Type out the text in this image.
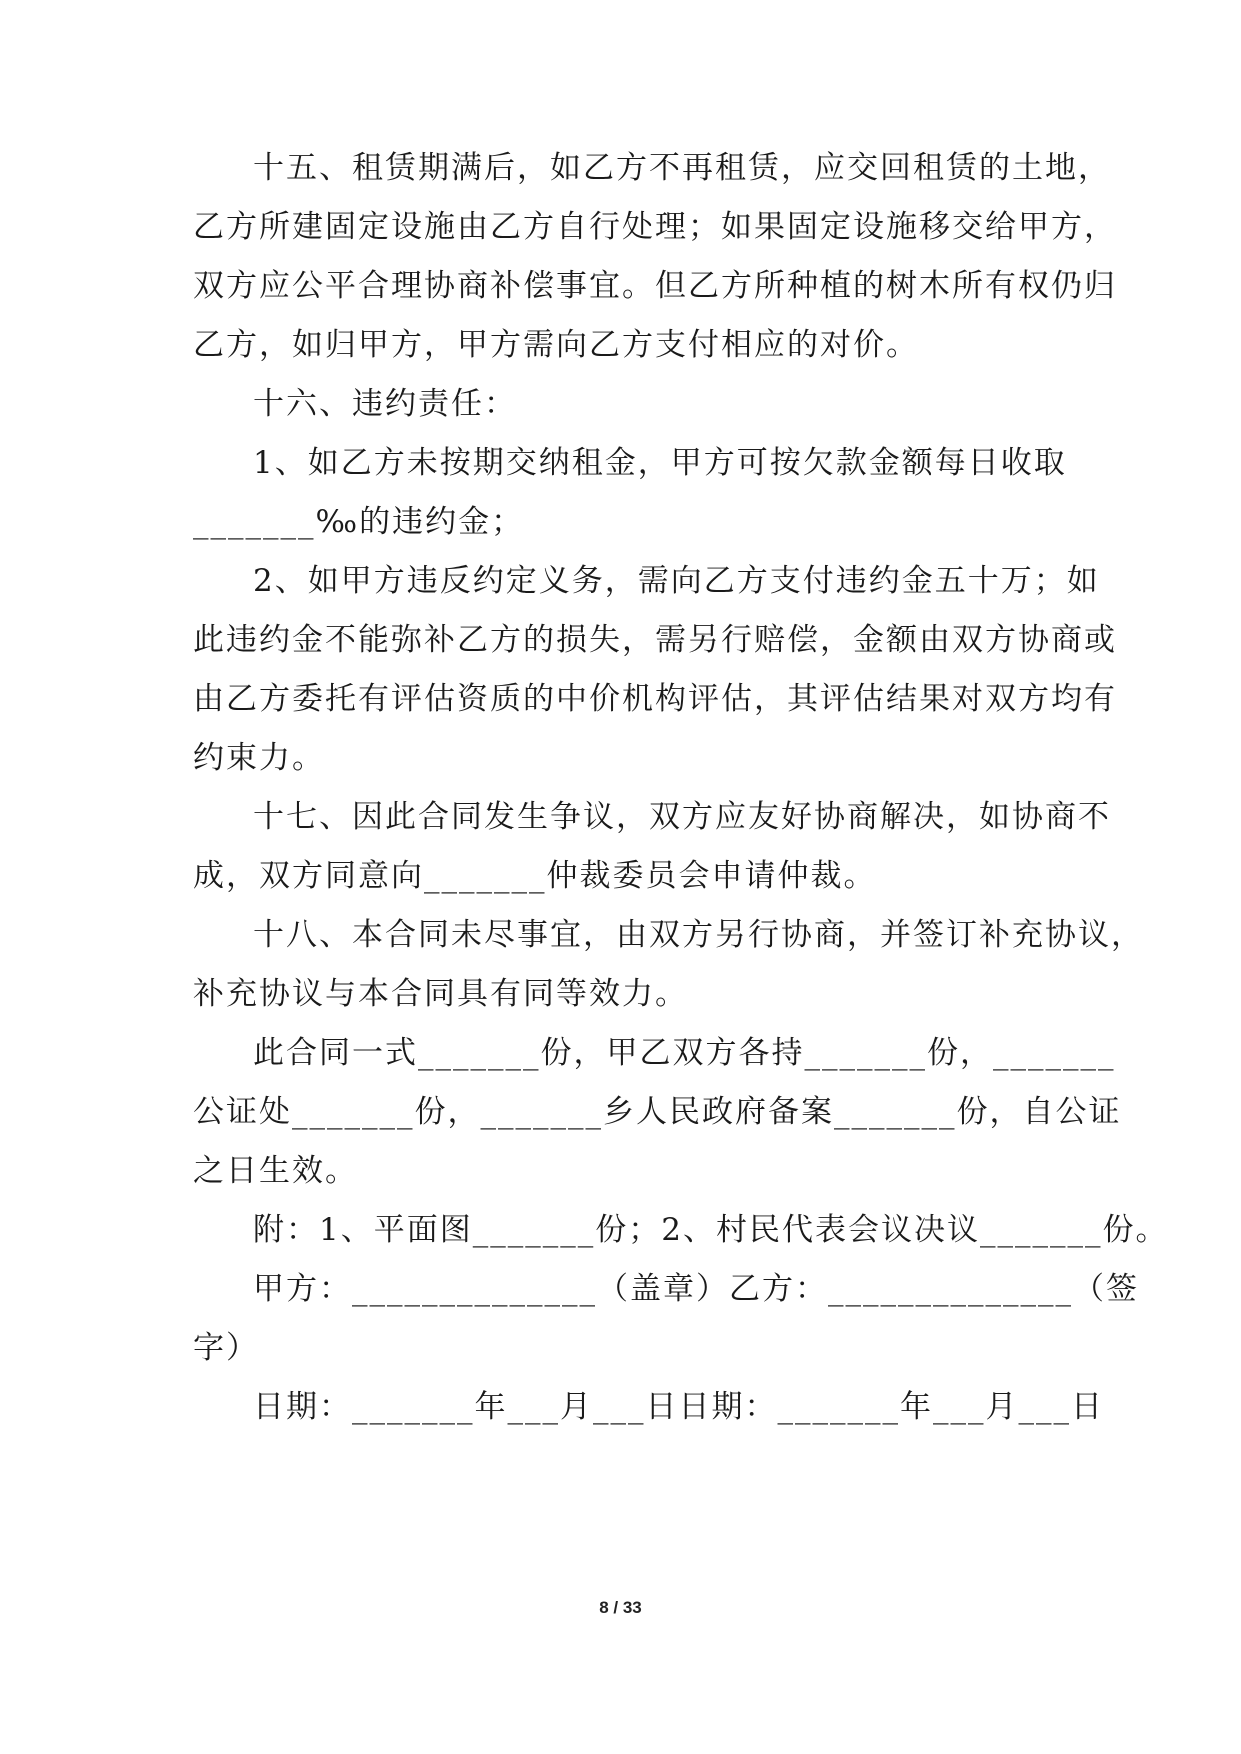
十五、租赁期满后，如乙方不再租赁，应交回租赁的土地，
乙方所建固定设施由乙方自行处理；如果固定设施移交给甲方，
双方应公平合理协商补偿事宜。但乙方所种植的树木所有权仍归
乙方，如归甲方，甲方需向乙方支付相应的对价。
十六、违约责任：
1、如乙方未按期交纳租金，甲方可按欠款金额每日收取
_______‰的违约金；
2、如甲方违反约定义务，需向乙方支付违约金五十万；如
此违约金不能弥补乙方的损失，需另行赔偿，金额由双方协商或
由乙方委托有评估资质的中价机构评估，其评估结果对双方均有
约束力。
十七、因此合同发生争议，双方应友好协商解决，如协商不
成，双方同意向_______仲裁委员会申请仲裁。
十八、本合同未尽事宜，由双方另行协商，并签订补充协议，
补充协议与本合同具有同等效力。
此合同一式_______份，甲乙双方各持_______份，_______
公证处_______份，_______乡人民政府备案_______份，自公证
之日生效。
附：1、平面图_______份；2、村民代表会议决议_______份。
甲方：______________（盖章）乙方：______________（签
字）
日期：_______年___月___日日期：_______年___月___日
8 / 33
